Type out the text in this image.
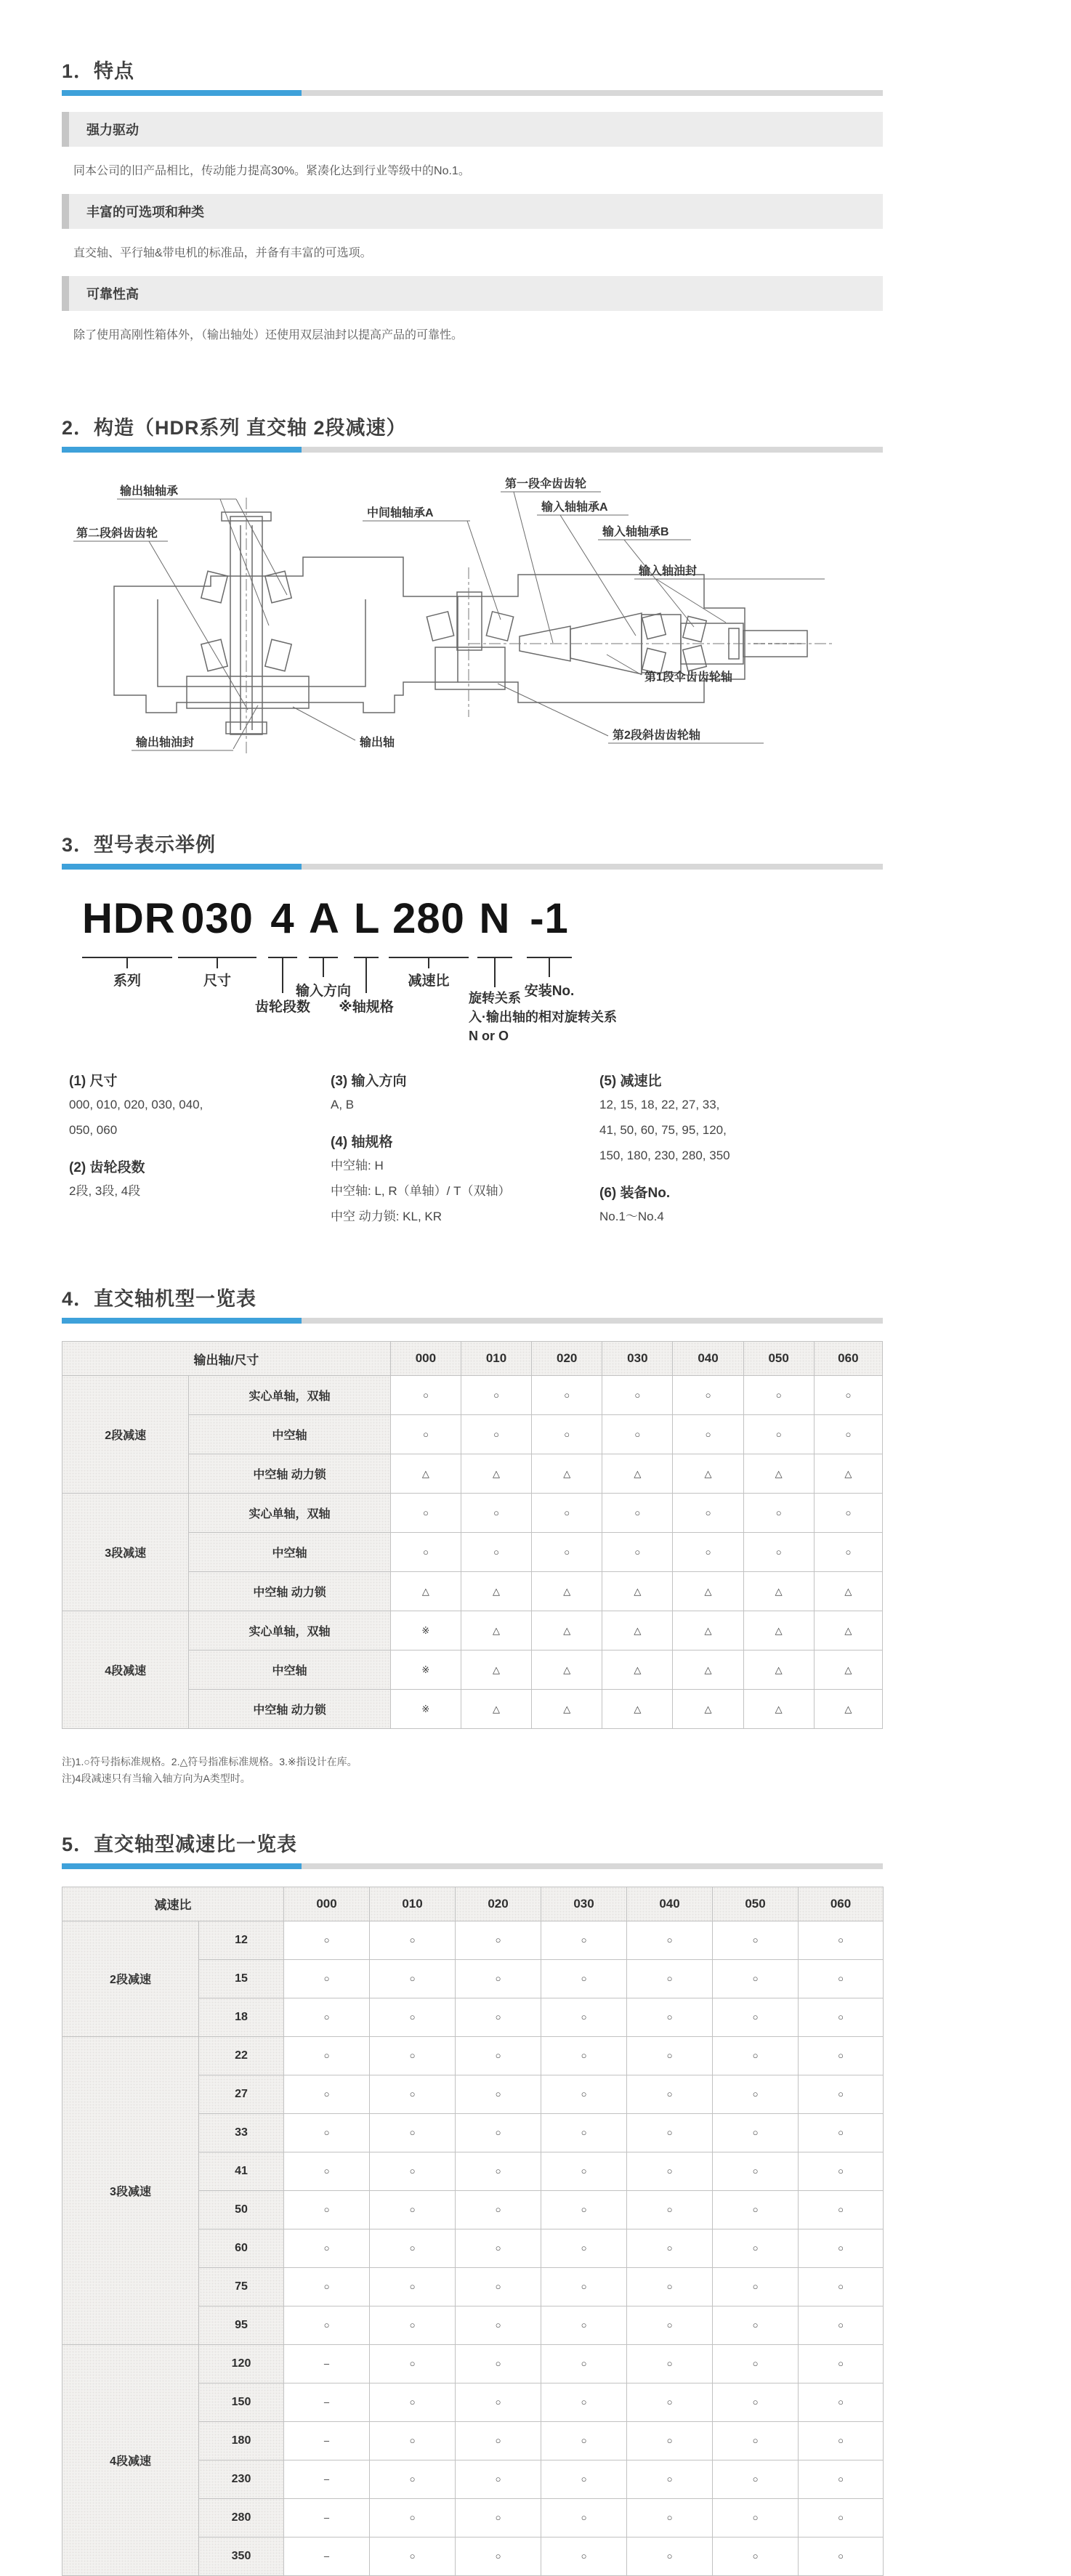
1．特点
强力驱动

同本公司的旧产品相比，传动能力提高30%。紧凑化达到行业等级中的No.1。

丰富的可选项和种类

直交轴、平行轴&带电机的标准品，并备有丰富的可选项。

可靠性高

除了使用高刚性箱体外，（输出轴处）还使用双层油封以提高产品的可靠性。

2．构造（HDR系列 直交轴 2段减速）
输出轴轴承
第二段斜齿齿轮
中间轴轴承A
第一段伞齿齿轮
输入轴轴承A
输入轴轴承B
输入轴油封
第1段伞齿齿轮轴
第2段斜齿齿轮轴
输出轴
输出轴油封
3．型号表示举例
HDR
系列
030
尺寸
4
齿轮段数
A
输入方向
L
※轴规格
280
减速比
N
旋转关系
入·输出轴的相对旋转关系
N or O
-1
安装No.
(1) 尺寸
000, 010, 020, 030, 040,
050, 060
(2) 齿轮段数
2段, 3段, 4段
(3) 输入方向
A, B
(4) 轴规格
中空轴: H
中空轴: L, R（单轴）/ T（双轴）
中空 动力锁: KL, KR
(5) 减速比
12, 15, 18, 22, 27, 33,
41, 50, 60, 75, 95, 120,
150, 180, 230, 280, 350
(6) 装备No.
No.1～No.4
4．直交轴机型一览表
输出轴/尺寸		000	010	020	030	040	050	060
2段减速	实心单轴，双轴	○	○	○	○	○	○	○
	中空轴	○	○	○	○	○	○	○
	中空轴 动力锁	△	△	△	△	△	△	△
3段减速	实心单轴，双轴	○	○	○	○	○	○	○
	中空轴	○	○	○	○	○	○	○
	中空轴 动力锁	△	△	△	△	△	△	△
4段减速	实心单轴，双轴	※	△	△	△	△	△	△
	中空轴	※	△	△	△	△	△	△
	中空轴 动力锁	※	△	△	△	△	△	△
注)1.○符号指标准规格。2.△符号指准标准规格。3.※指设计在库。
注)4段减速只有当输入轴方向为A类型时。
5．直交轴型减速比一览表
减速比		000	010	020	030	040	050	060
2段减速	12	○	○	○	○	○	○	○
	15	○	○	○	○	○	○	○
	18	○	○	○	○	○	○	○
3段减速	22	○	○	○	○	○	○	○
	27	○	○	○	○	○	○	○
	33	○	○	○	○	○	○	○
	41	○	○	○	○	○	○	○
	50	○	○	○	○	○	○	○
	60	○	○	○	○	○	○	○
	75	○	○	○	○	○	○	○
	95	○	○	○	○	○	○	○
4段减速	120	–	○	○	○	○	○	○
	150	–	○	○	○	○	○	○
	180	–	○	○	○	○	○	○
	230	–	○	○	○	○	○	○
	280	–	○	○	○	○	○	○
	350	–	○	○	○	○	○	○
